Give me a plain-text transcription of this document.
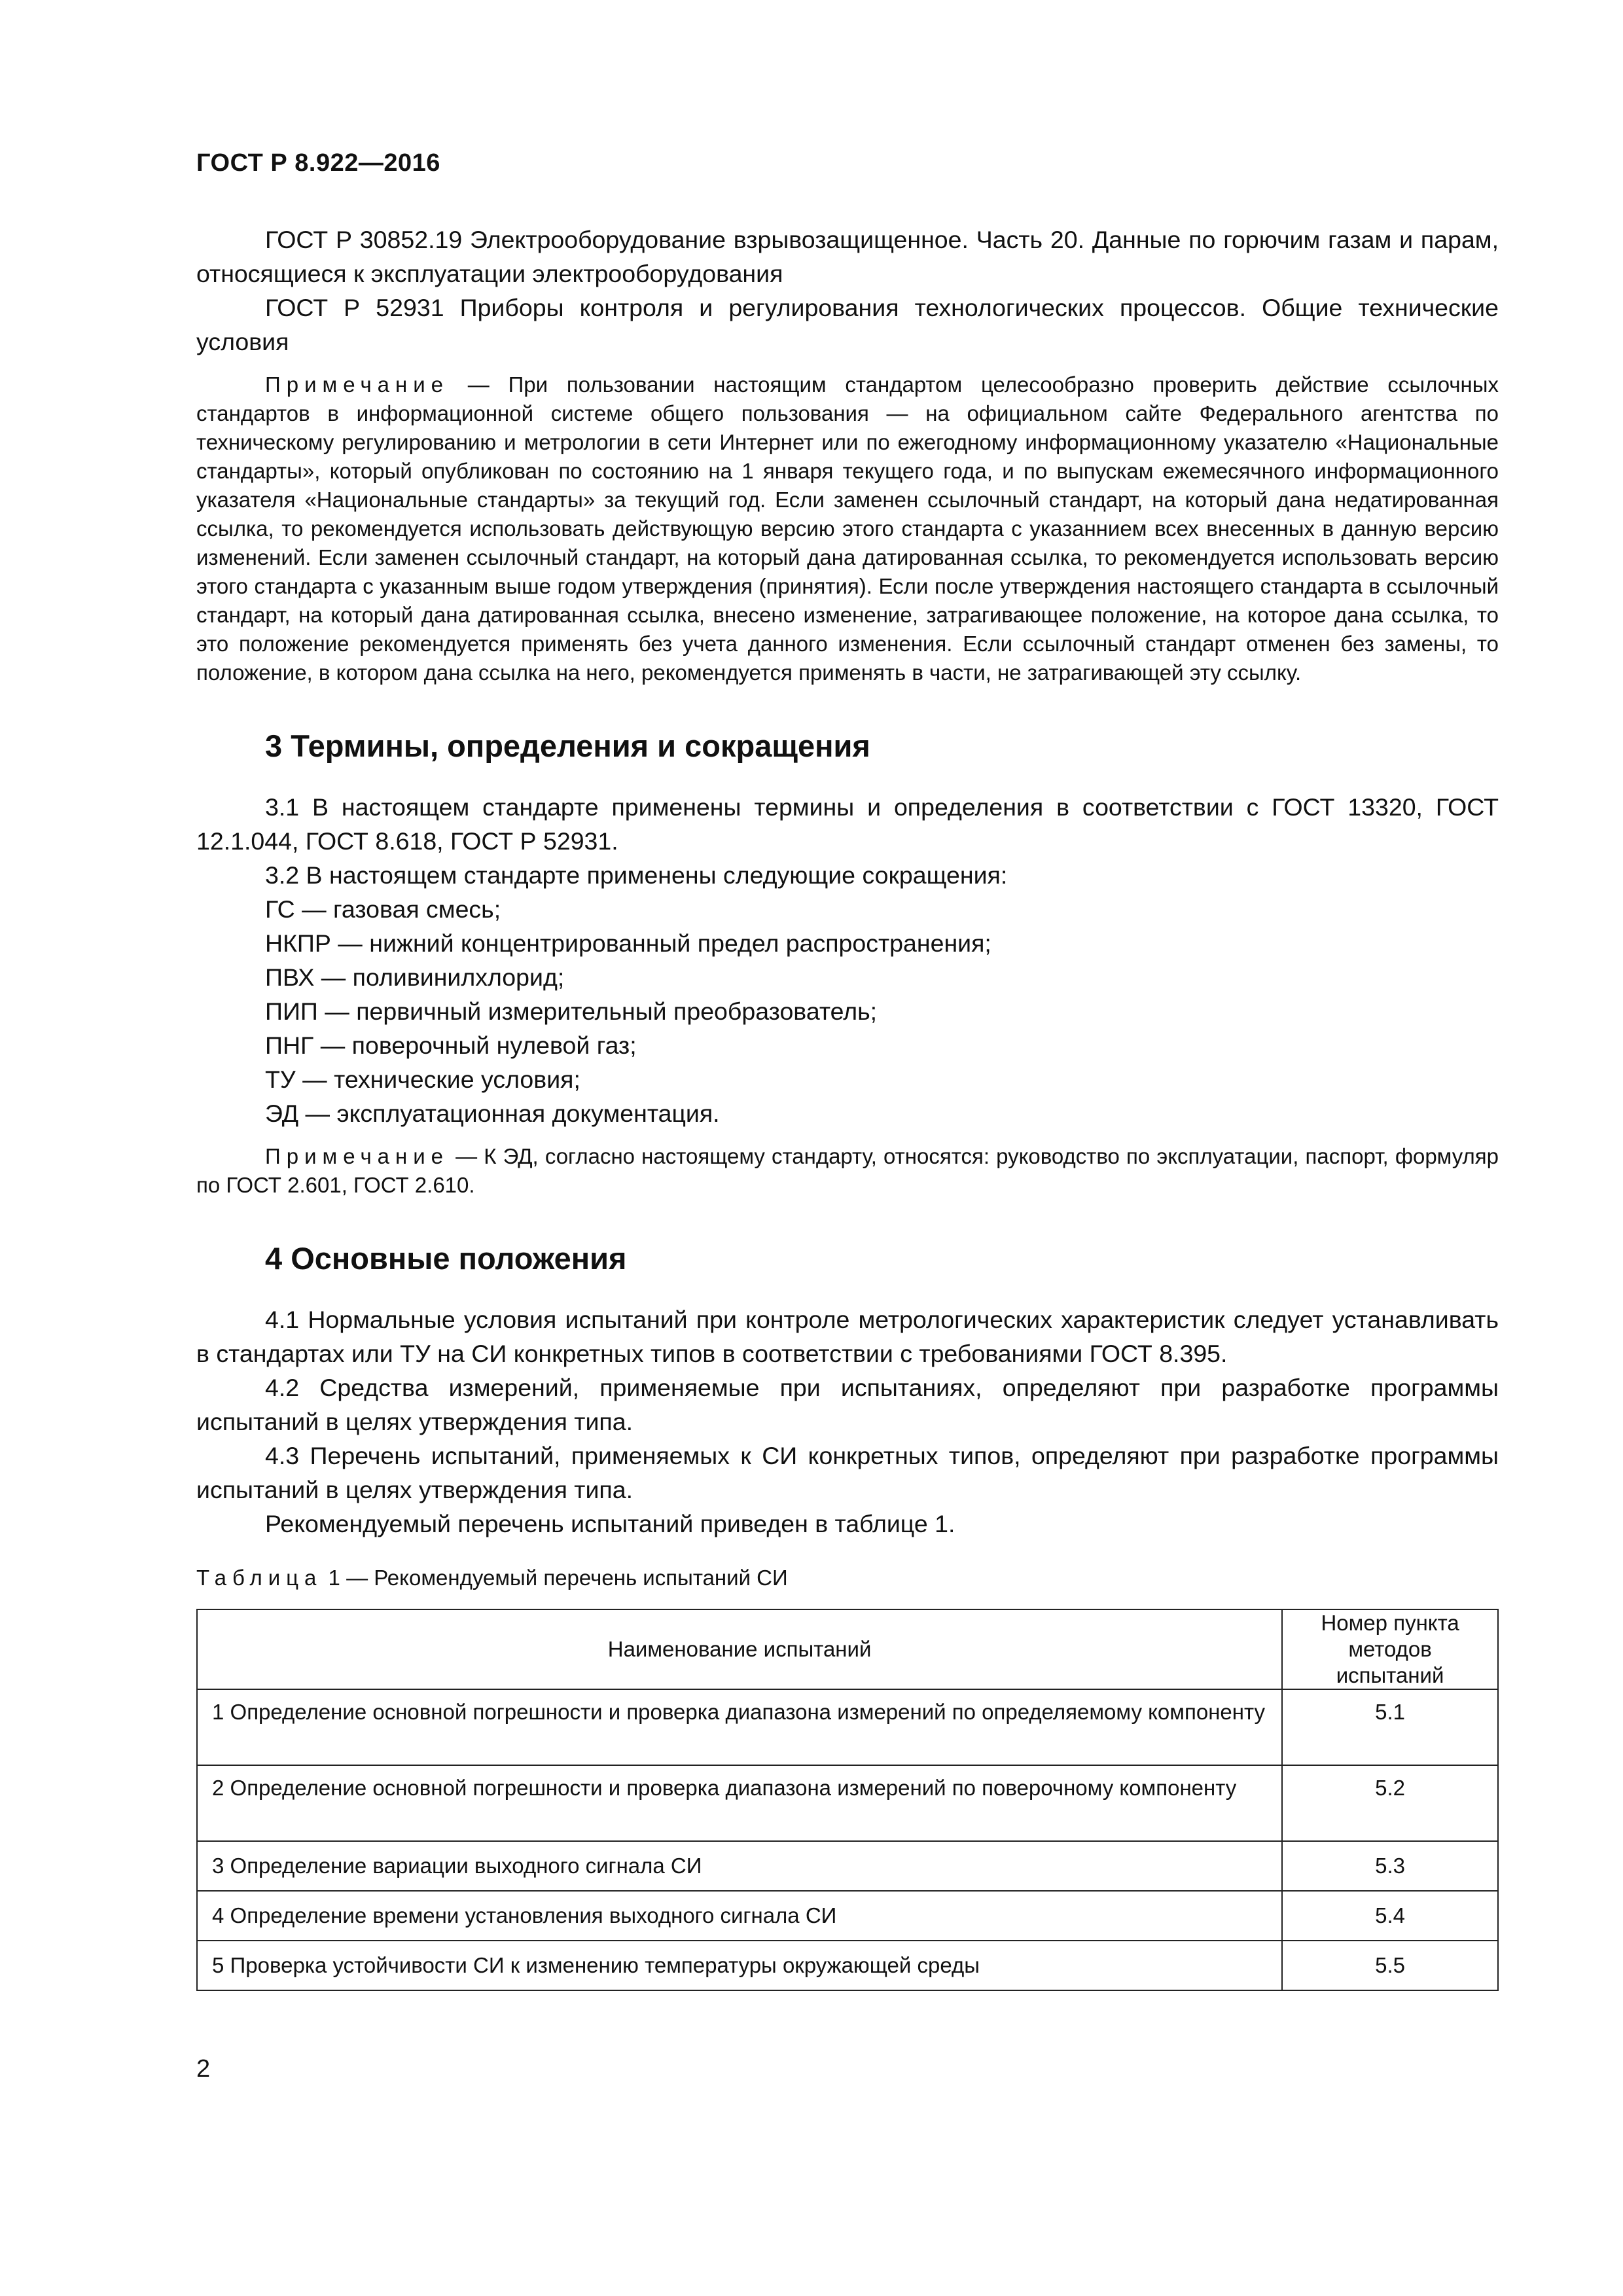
ГОСТ Р 8.922—2016

ГОСТ Р 30852.19 Электрооборудование взрывозащищенное. Часть 20. Данные по горючим газам и парам, относящиеся к эксплуатации электрооборудования

ГОСТ Р 52931 Приборы контроля и регулирования технологических процессов. Общие технические условия

Примечание — При пользовании настоящим стандартом целесообразно проверить действие ссылочных стандартов в информационной системе общего пользования — на официальном сайте Федерального агентства по техническому регулированию и метрологии в сети Интернет или по ежегодному информационному указателю «Национальные стандарты», который опубликован по состоянию на 1 января текущего года, и по выпускам ежемесячного информационного указателя «Национальные стандарты» за текущий год. Если заменен ссылочный стандарт, на который дана недатированная ссылка, то рекомендуется использовать действующую версию этого стандарта с указаннием всех внесенных в данную версию изменений. Если заменен ссылочный стандарт, на который дана датированная ссылка, то рекомендуется использовать версию этого стандарта с указанным выше годом утверждения (принятия). Если после утверждения настоящего стандарта в ссылочный стандарт, на который дана датированная ссылка, внесено изменение, затрагивающее положение, на которое дана ссылка, то это положение рекомендуется применять без учета данного изменения. Если ссылочный стандарт отменен без замены, то положение, в котором дана ссылка на него, рекомендуется применять в части, не затрагивающей эту ссылку.

3 Термины, определения и сокращения

3.1 В настоящем стандарте применены термины и определения в соответствии с ГОСТ 13320, ГОСТ 12.1.044, ГОСТ 8.618, ГОСТ Р 52931.

3.2 В настоящем стандарте применены следующие сокращения:

ГС — газовая смесь;

НКПР — нижний концентрированный предел распространения;

ПВХ — поливинилхлорид;

ПИП — первичный измерительный преобразователь;

ПНГ — поверочный нулевой газ;

ТУ — технические условия;

ЭД — эксплуатационная документация.

Примечание — К ЭД, согласно настоящему стандарту, относятся: руководство по эксплуатации, паспорт, формуляр по ГОСТ 2.601, ГОСТ 2.610.

4 Основные положения

4.1 Нормальные условия испытаний при контроле метрологических характеристик следует устанавливать в стандартах или ТУ на СИ конкретных типов в соответствии с требованиями ГОСТ 8.395.

4.2 Средства измерений, применяемые при испытаниях, определяют при разработке программы испытаний в целях утверждения типа.

4.3 Перечень испытаний, применяемых к СИ конкретных типов, определяют при разработке программы испытаний в целях утверждения типа.

Рекомендуемый перечень испытаний приведен в таблице 1.

Таблица 1 — Рекомендуемый перечень испытаний СИ

Наименование испытаний	Номер пункта методов испытаний
1 Определение основной погрешности и проверка диапазона измерений по определяемому компоненту	5.1
2 Определение основной погрешности и проверка диапазона измерений по поверочному компоненту	5.2
3 Определение вариации выходного сигнала СИ	5.3
4 Определение времени установления выходного сигнала СИ	5.4
5 Проверка устойчивости СИ к изменению температуры окружающей среды	5.5
2
